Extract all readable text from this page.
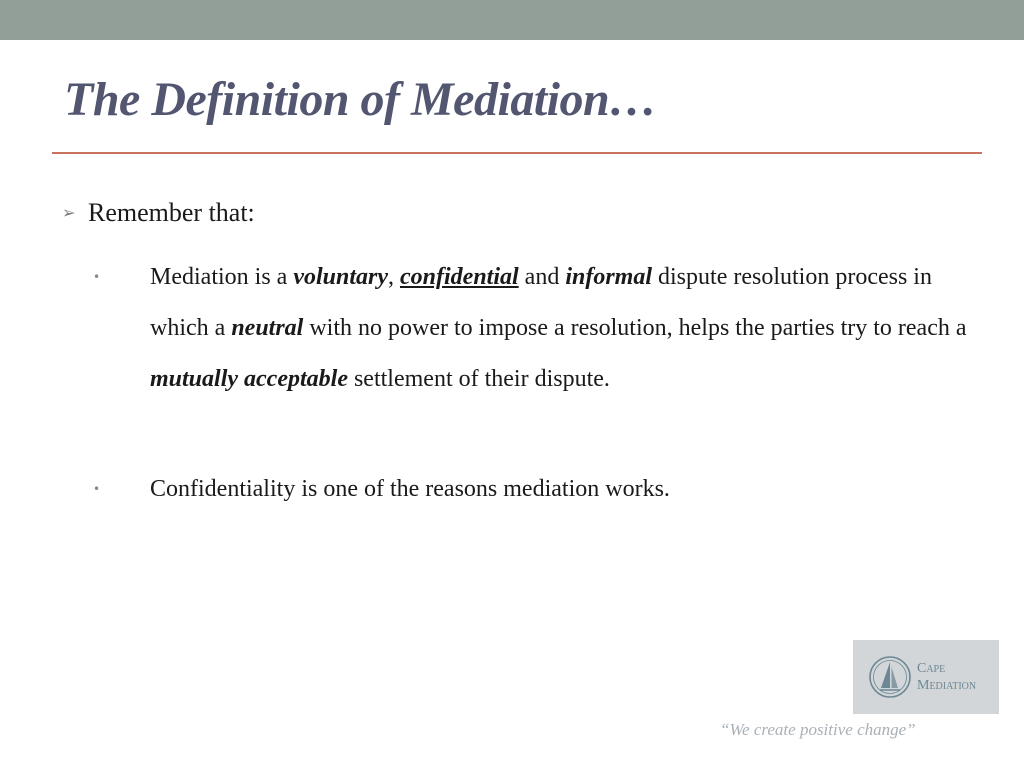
The Definition of Mediation…
➢ Remember that:
• Mediation is a voluntary, confidential and informal dispute resolution process in which a neutral with no power to impose a resolution, helps the parties try to reach a mutually acceptable settlement of their dispute.
• Confidentiality is one of the reasons mediation works.
Cape
Mediation
“We create positive change”
